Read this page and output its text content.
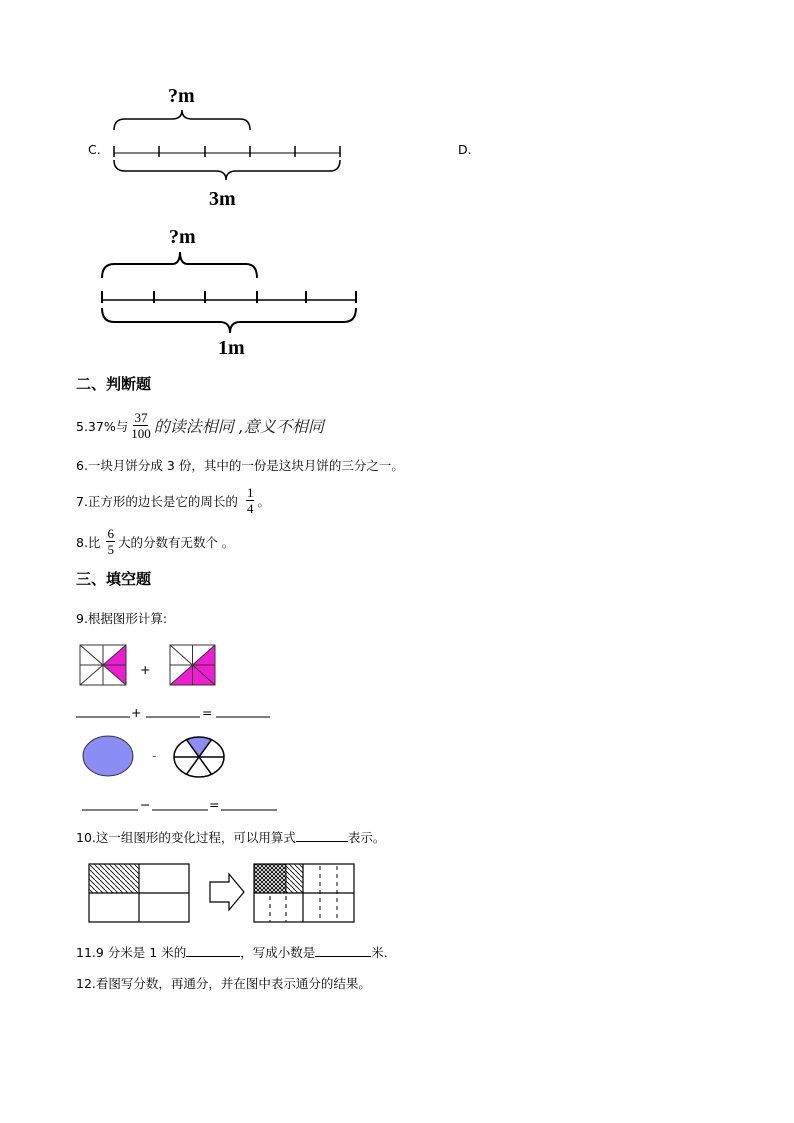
C.	D.
?m
3m
?m
1m
二、判断题
5.37%与 $\frac{37}{100}$ 的读法相同 ,意义不相同
6.一块月饼分成 3 份，其中的一份是这块月饼的三分之一。
7.正方形的边长是它的周长的 $\frac{1}{4}$ 。
8.比 $\frac{6}{5}$ 大的分数有无数个 。
三、填空题
9.根据图形计算:
+
+	=
-
−	=
10.这一组图形的变化过程，可以用算式	表示。
11.9 分米是 1 米的	，写成小数是	米.
12.看图写分数，再通分，并在图中表示通分的结果。
